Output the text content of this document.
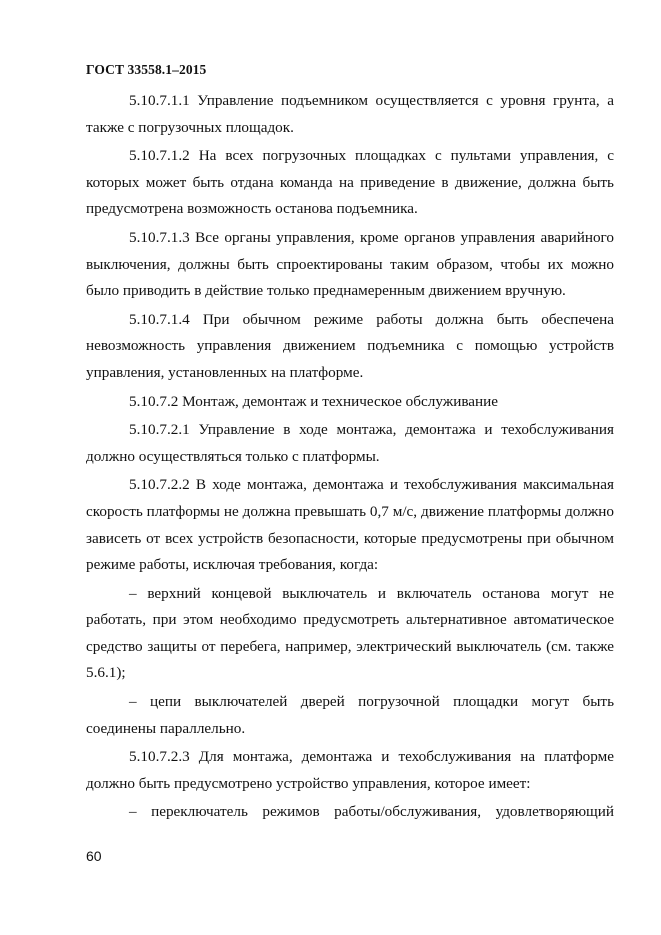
ГОСТ 33558.1–2015

5.10.7.1.1 Управление подъемником осуществляется с уровня грунта, а также с погрузочных площадок.

5.10.7.1.2 На всех погрузочных площадках с пультами управления, с которых может быть отдана команда на приведение в движение, должна быть предусмотрена возможность останова подъемника.

5.10.7.1.3 Все органы управления, кроме органов управления аварийного выключения, должны быть спроектированы таким образом, чтобы их можно было приводить в действие только преднамеренным движением вручную.

5.10.7.1.4 При обычном режиме работы должна быть обеспечена невозможность управления движением подъемника с помощью устройств управления, установленных на платформе.

5.10.7.2 Монтаж, демонтаж и техническое обслуживание

5.10.7.2.1 Управление в ходе монтажа, демонтажа и техобслуживания должно осуществляться только с платформы.

5.10.7.2.2 В ходе монтажа, демонтажа и техобслуживания максимальная скорость платформы не должна превышать 0,7 м/с, движение платформы должно зависеть от всех устройств безопасности, которые предусмотрены при обычном режиме работы, исключая требования, когда:

– верхний концевой выключатель и включатель останова могут не работать, при этом необходимо предусмотреть альтернативное автоматическое средство защиты от перебега, например, электрический выключатель (см. также 5.6.1);

– цепи выключателей дверей погрузочной площадки могут быть соединены параллельно.

5.10.7.2.3 Для монтажа, демонтажа и техобслуживания на платформе должно быть предусмотрено устройство управления, которое имеет:

– переключатель режимов работы/обслуживания, удовлетворяющий

60
